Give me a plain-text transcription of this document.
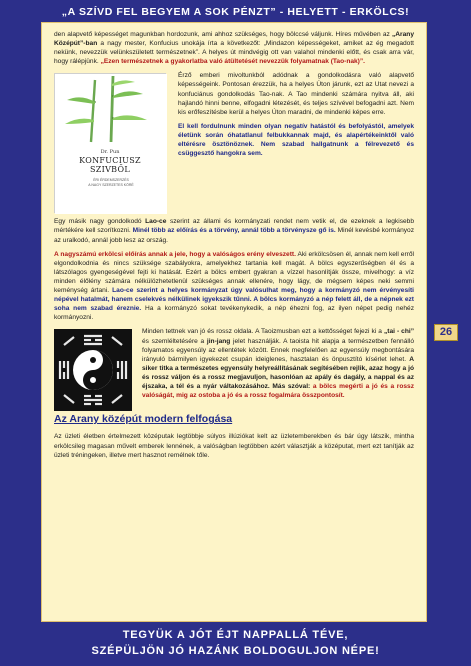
„A SZÍVD FEL BEGYEM A SOK PÉNZT” - HELYETT - ERKÖLCS!

den alapvető képességet magunkban hordozunk, ami ahhoz szükséges, hogy bölccsé váljunk. Híres művében az „Arany Középút”-ban a nagy mester, Konfucius unokája írta a következőt: „Mindazon képességeket, amiket az ég megadott nekünk, nevezzük velünkszületett természetnek”. A helyes út mindvégig ott van valahol mindenki előtt, és csak arra vár, hogy rálépjünk. „Ezen természetnek a gyakorlatba való átültetését nevezzük folyamatnak (Tao-nak)”.

Dr. Pun
KONFUCIUSZ
SZIVBŐL
ÉRI ÉRDEMSZERZÉS
A NAGY SZERZETES KÖRÉ

Érző emberi mivoltunkból adódnak a gondolkodásra való alapvető képességeink. Pontosan érezzük, ha a helyes Úton járunk, ezt az Utat nevezi a konfuciánus gondolkodás Tao-nak. A Tao mindenki számára nyitva áll, aki hajlandó hinni benne, elfogadni létezését, és teljes szívével befogadni azt. Nem kis erőfeszítésbe kerül a helyes Úton maradni, de mindenki képes erre.

El kell fordulnunk minden olyan negatív hatástól és befolyástól, amelyek életünk során óhatatlanul felbukkannak majd, és alapértékeinktől való eltérésre ösztönöznek. Nem szabad hallgatnunk a félrevezető és csüggesztő hangokra sem.

Egy másik nagy gondolkodó Lao-ce szerint az állami és kormányzati rendet nem vetik el, de ezeknek a legkisebb mértékére kell szorítkozni. Minél több az előírás és a törvény, annál több a törvénysze gő is. Minél kevésbé kormányoz az uralkodó, annál jobb lesz az ország.

A nagyszámú erkölcsi előírás annak a jele, hogy a valóságos erény elveszett. Aki erkölcsösen él, annak nem kell erről elgondolkodnia és nincs szüksége szabályokra, amelyekhez tartania kell magát. A bölcs egyszerűségben él és a látszólagos gyengeségével fejti ki hatását. Ezért a bölcs embert gyakran a vízzel hasonlítják össze, mivelhogy: a víz minden élőlény számára nélkülözhetetlenül szükséges annak ellenére, hogy lágy, de mégsem képes neki semmi keménység ártani. Lao-ce szerint a helyes kormányzat úgy valósulhat meg, hogy a kormányzó nem érvényesíti népével hatalmát, hanem cselekvés nélkülinek igyekszik tűnni. A bölcs kormányzó a nép felett áll, de a népnek ezt soha nem szabad éreznie. Ha a kormányzó sokat tevékenykedik, a nép éhezni fog, az ilyen népet pedig nehéz kormányozni.

Minden tettnek van jó és rossz oldala. A Taoizmusban ezt a kettősséget fejezi ki a „tai - chi” és szemléltetésére a jin-jang jelet használják. A taoista hit alapja a természetben fennálló folyamatos egyensúly az ellentétek között. Ennek megfelelően az egyensúly megbontására irányuló bármilyen igyekezet csupán ideiglenes, hasztalan és önpusztító kísérlet lehet. A siker titka a természetes egyensúly helyreállításának segítésében rejlik, azaz hogy a jó és rossz váljon és a rossz megjavuljon, hasonlóan az apály és dagály, a nappal és az éjszaka, a tél és a nyár váltakozásához. Más szóval: a bölcs megérti a jó és a rossz valóságát, mig az ostoba a jó és a rossz fogalmára összpontosít.

Az Arany középút modern felfogása

Az üzleti életben értelmezett középutak legtöbbje súlyos illúziókat kelt az üzletemberekben és bár úgy látszik, mintha erkölcsileg magasan művelt emberek lennének, a valóságban legtöbben azért választják a középutat, mert ezt tanítják az üzleti tréningeken, illetve mert hasznot remélnek tőle.

26
TEGYÜK A JÓT ÉJT NAPPALLÁ TÉVE,
SZÉPÜLJÖN JÓ HAZÁNK BOLDOGULJON NÉPE!
